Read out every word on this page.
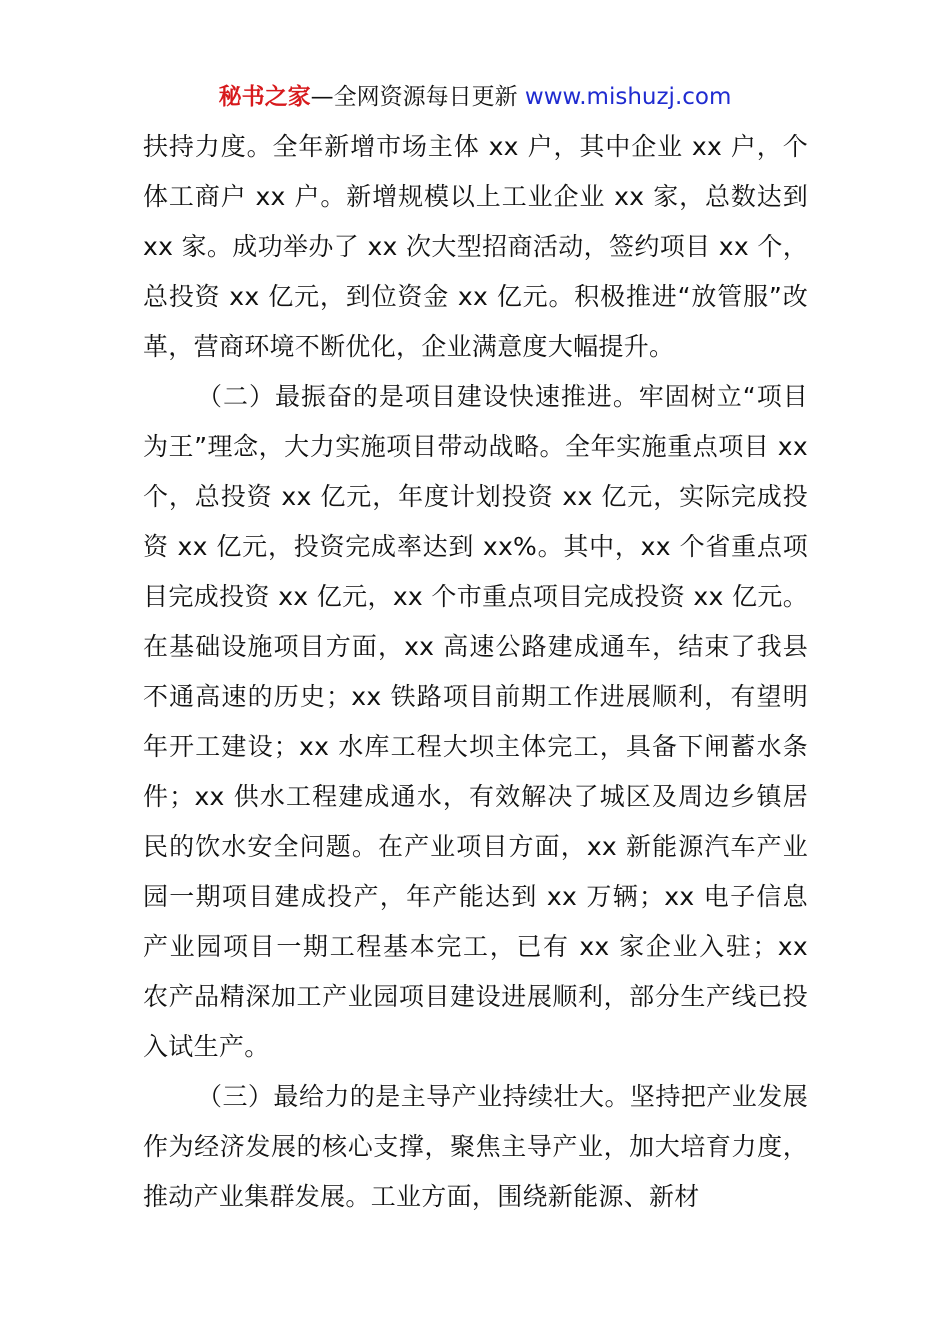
秘书之家—全网资源每日更新 www.mishuzj.com

扶持力度。全年新增市场主体 xx 户，其中企业 xx 户，个体工商户 xx 户。新增规模以上工业企业 xx 家，总数达到 xx 家。成功举办了 xx 次大型招商活动，签约项目 xx 个，总投资 xx 亿元，到位资金 xx 亿元。积极推进“放管服”改革，营商环境不断优化，企业满意度大幅提升。

（二）最振奋的是项目建设快速推进。牢固树立“项目为王”理念，大力实施项目带动战略。全年实施重点项目 xx 个，总投资 xx 亿元，年度计划投资 xx 亿元，实际完成投资 xx 亿元，投资完成率达到 xx%。其中，xx 个省重点项目完成投资 xx 亿元，xx 个市重点项目完成投资 xx 亿元。在基础设施项目方面，xx 高速公路建成通车，结束了我县不通高速的历史；xx 铁路项目前期工作进展顺利，有望明年开工建设；xx 水库工程大坝主体完工，具备下闸蓄水条件；xx 供水工程建成通水，有效解决了城区及周边乡镇居民的饮水安全问题。在产业项目方面，xx 新能源汽车产业园一期项目建成投产，年产能达到 xx 万辆；xx 电子信息产业园项目一期工程基本完工，已有 xx 家企业入驻；xx 农产品精深加工产业园项目建设进展顺利，部分生产线已投入试生产。

（三）最给力的是主导产业持续壮大。坚持把产业发展作为经济发展的核心支撑，聚焦主导产业，加大培育力度，推动产业集群发展。工业方面，围绕新能源、新材
